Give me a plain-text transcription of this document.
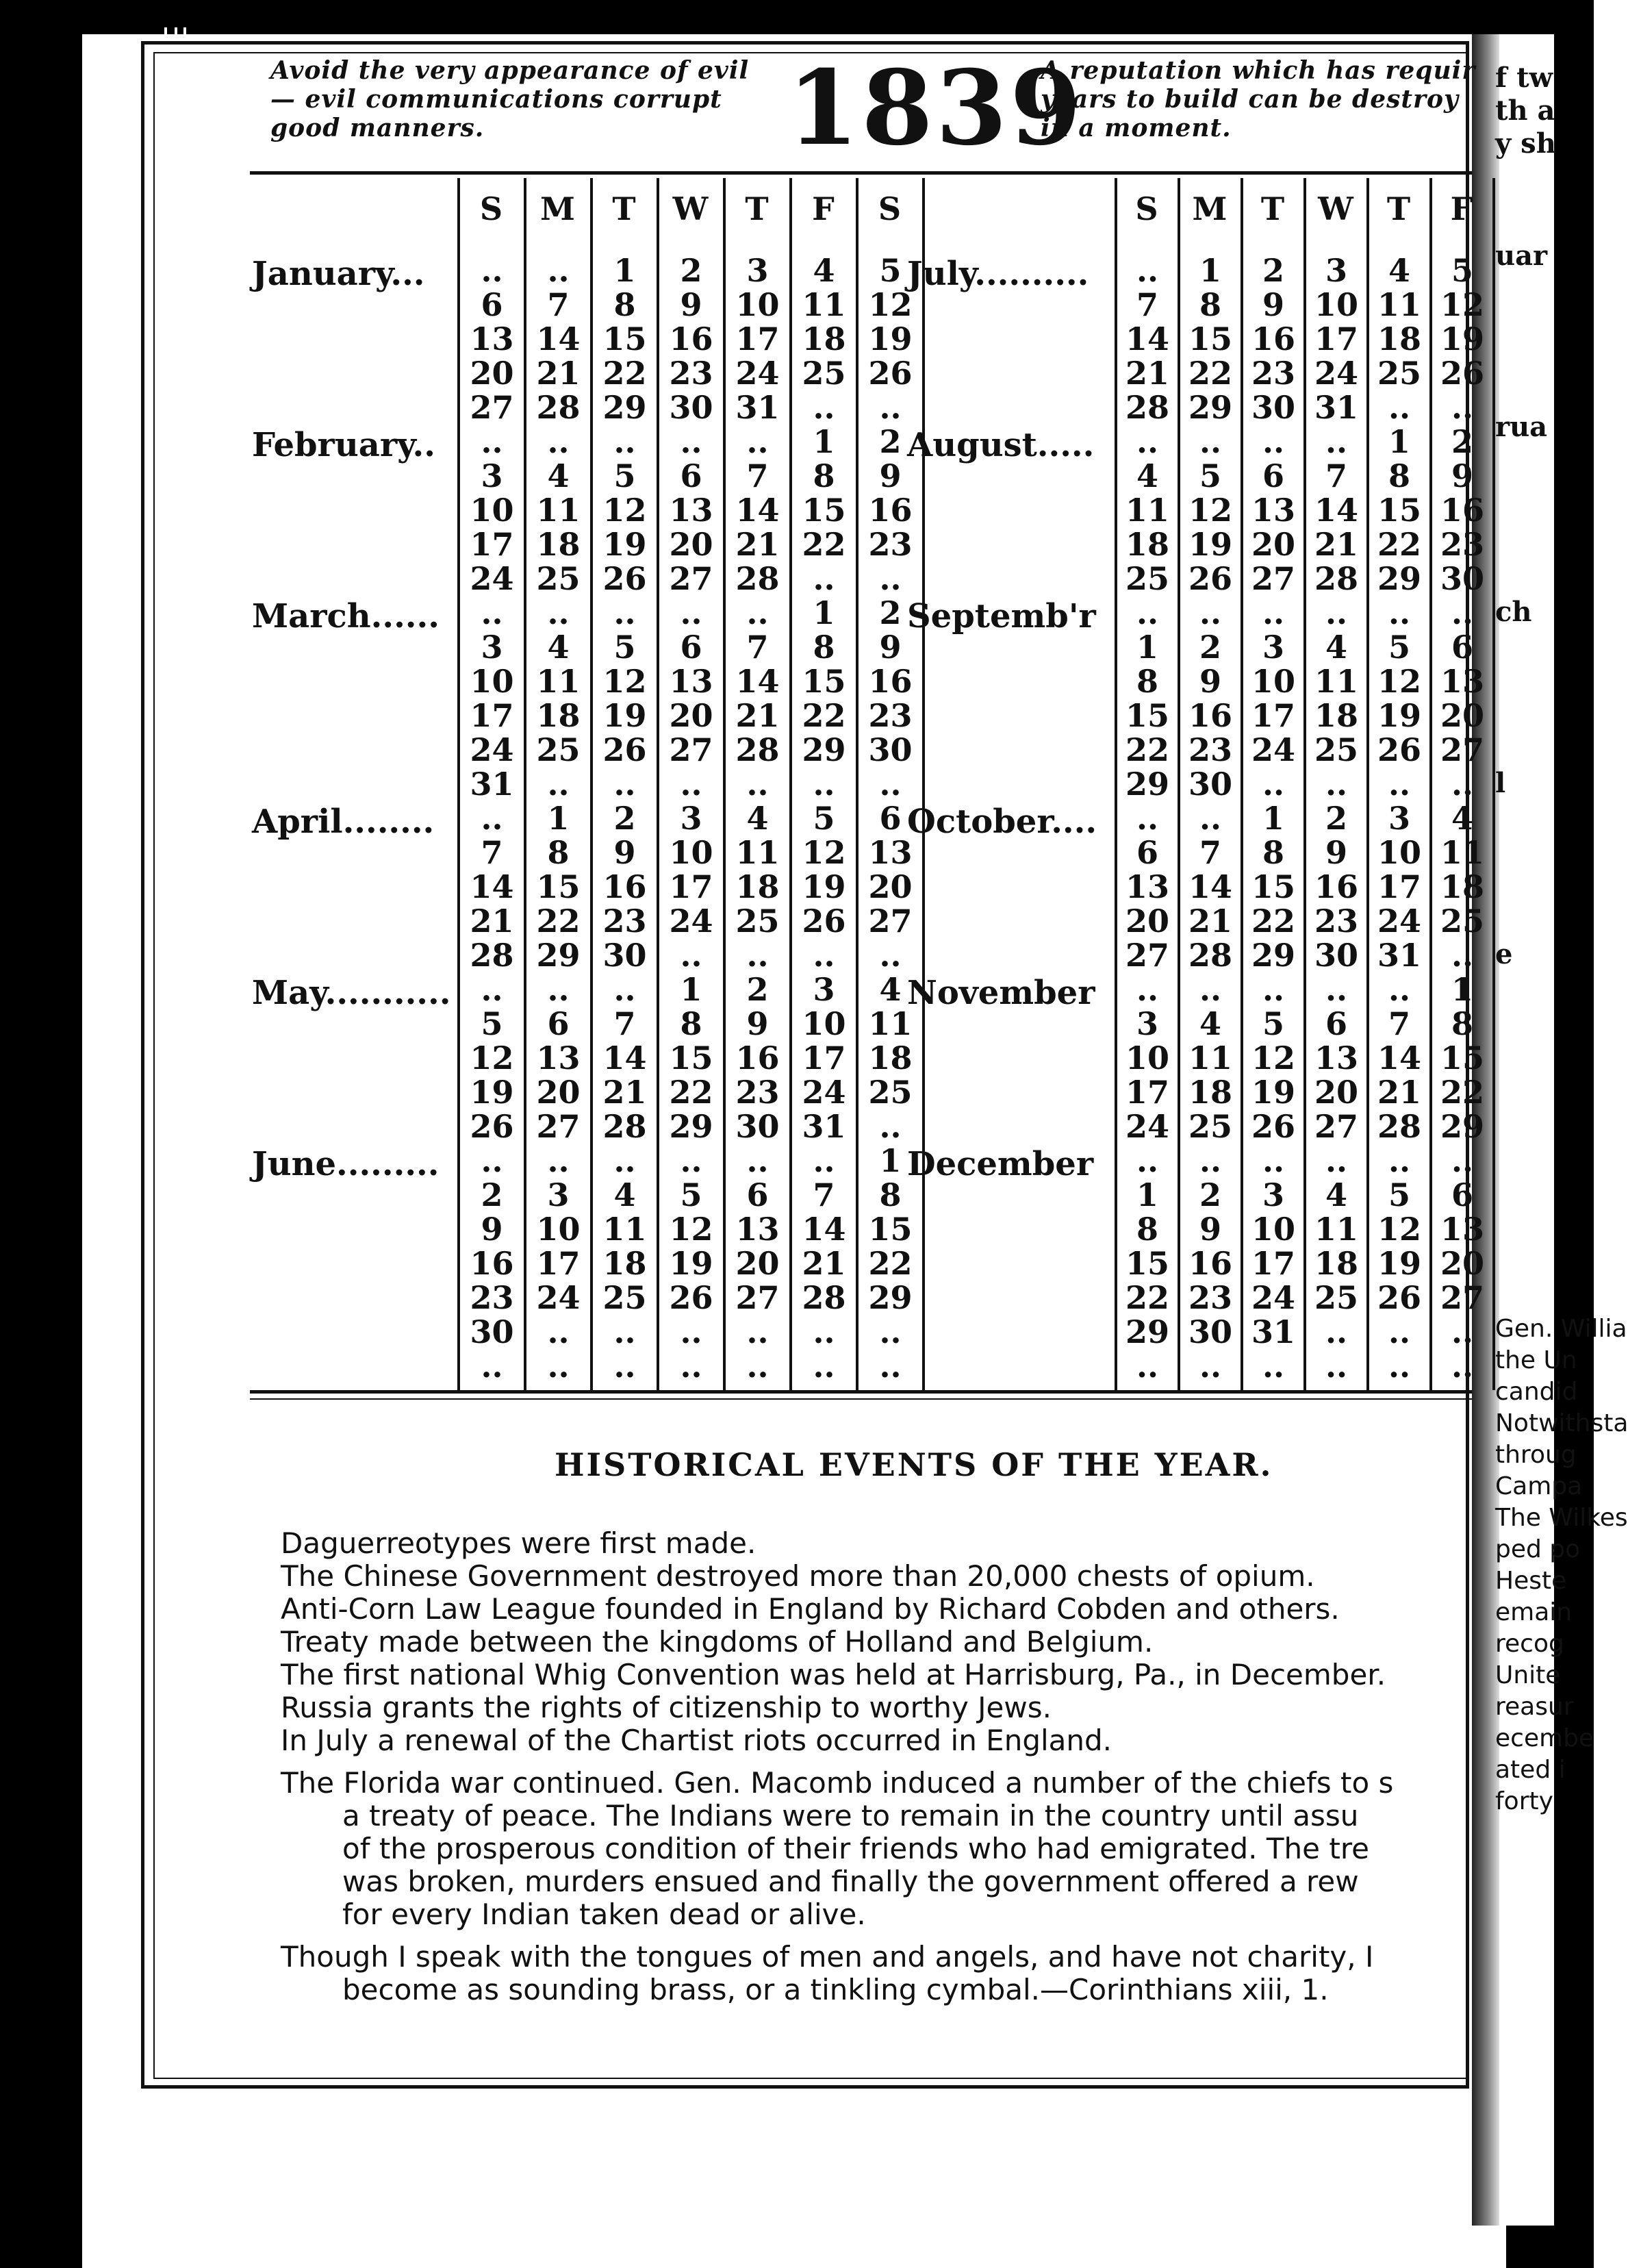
f tw
th a
y sh
uar
rua
ch
l
e
Gen. Willia
the Un
candid
Notwithsta
throug
Campa
The Wilkes
ped po
Heste
emain
recog
Unite
reasur
ecembe
ated i
forty
Avoid the very appearance of evil — evil communications corrupt good manners.	1839
A reputation which has requir
years to build can be destroy
in a moment.
S	M	T	W	T	F	S
January...	..	..	1	2	3	4	5
6	7	8	9	10 11 12
13 14 15 16 17 18 19
20 21 22 23 24 25 26
27 28 29 30 31	..	..
February..	..	..	..	..	..	1	2
3	4	5	6	7	8	9
10 11 12 13 14 15 16
17 18 19 20 21 22 23
24 25 26 27 28	..	..
March......	..	..	..	..	..	1	2
3	4	5	6	7	8	9
10 11 12 13 14 15 16
17 18 19 20 21 22 23
24 25 26 27 28 29 30
31	..	..	..	..	..	..
April........	..	1	2	3	4	5	6
7	8	9	10 11 12 13
14 15 16 17 18 19 20
21 22 23 24 25 26 27
28 29 30	..	..	..	..
May........... ..	..	..	1	2	3	4
5	6	7	8	9	10 11
12 13 14 15 16 17 18
19 20 21 22 23 24 25
26 27 28 29 30 31	..
June.........	..	..	..	..	..	..	1
2	3	4	5	6	7	8
9	10 11 12 13 14 15
16 17 18 19 20 21 22
23 24 25 26 27 28 29
30	..	..	..	..	..	..
..	..	..	..	..	..	..
S	M	T	W	T	F
July..........	..	1	2	3	4	5
7	8	9 10 11 12
14 15 16 17 18 19
21 22 23 24 25 26
28 29 30 31 ..	..
August.....	..	..	..	..	1	2
4	5	6	7	8	9
11 12 13 14 15 16
18 19 20 21 22 23
25 26 27 28 29 30
Septemb'r	..	..	..	..	..	..
1	2	3	4	5	6
8	9 10 11 12 13
15 16 17 18 19 20
22 23 24 25 26 27
29 30 ..	..	..	..
October....	..	..	1	2	3	4
6	7	8	9 10 11
13 14 15 16 17 18
20 21 22 23 24 25
27 28 29 30 31 ..
November	..	..	..	..	..	1
3	4	5	6	7	8
10 11 12 13 14 15
17 18 19 20 21 22
24 25 26 27 28 29
December	..	..	..	..	..	..
1	2	3	4	5	6
8	9 10 11 12 13
15 16 17 18 19 20
22 23 24 25 26 27
29 30 31 ..	..	..
..	..	..	..	..	..
HISTORICAL EVENTS OF THE YEAR.
Daguerreotypes were first made.
The Chinese Government destroyed more than 20,000 chests of opium.
Anti-Corn Law League founded in England by Richard Cobden and others.
Treaty made between the kingdoms of Holland and Belgium.
The first national Whig Convention was held at Harrisburg, Pa., in December.
Russia grants the rights of citizenship to worthy Jews.
In July a renewal of the Chartist riots occurred in England.
The Florida war continued. Gen. Macomb induced a number of the chiefs to s
a treaty of peace. The Indians were to remain in the country until assu
of the prosperous condition of their friends who had emigrated. The tre
was broken, murders ensued and finally the government offered a rew
for every Indian taken dead or alive.
Though I speak with the tongues of men and angels, and have not charity, I
become as sounding brass, or a tinkling cymbal.—Corinthians xiii, 1.
